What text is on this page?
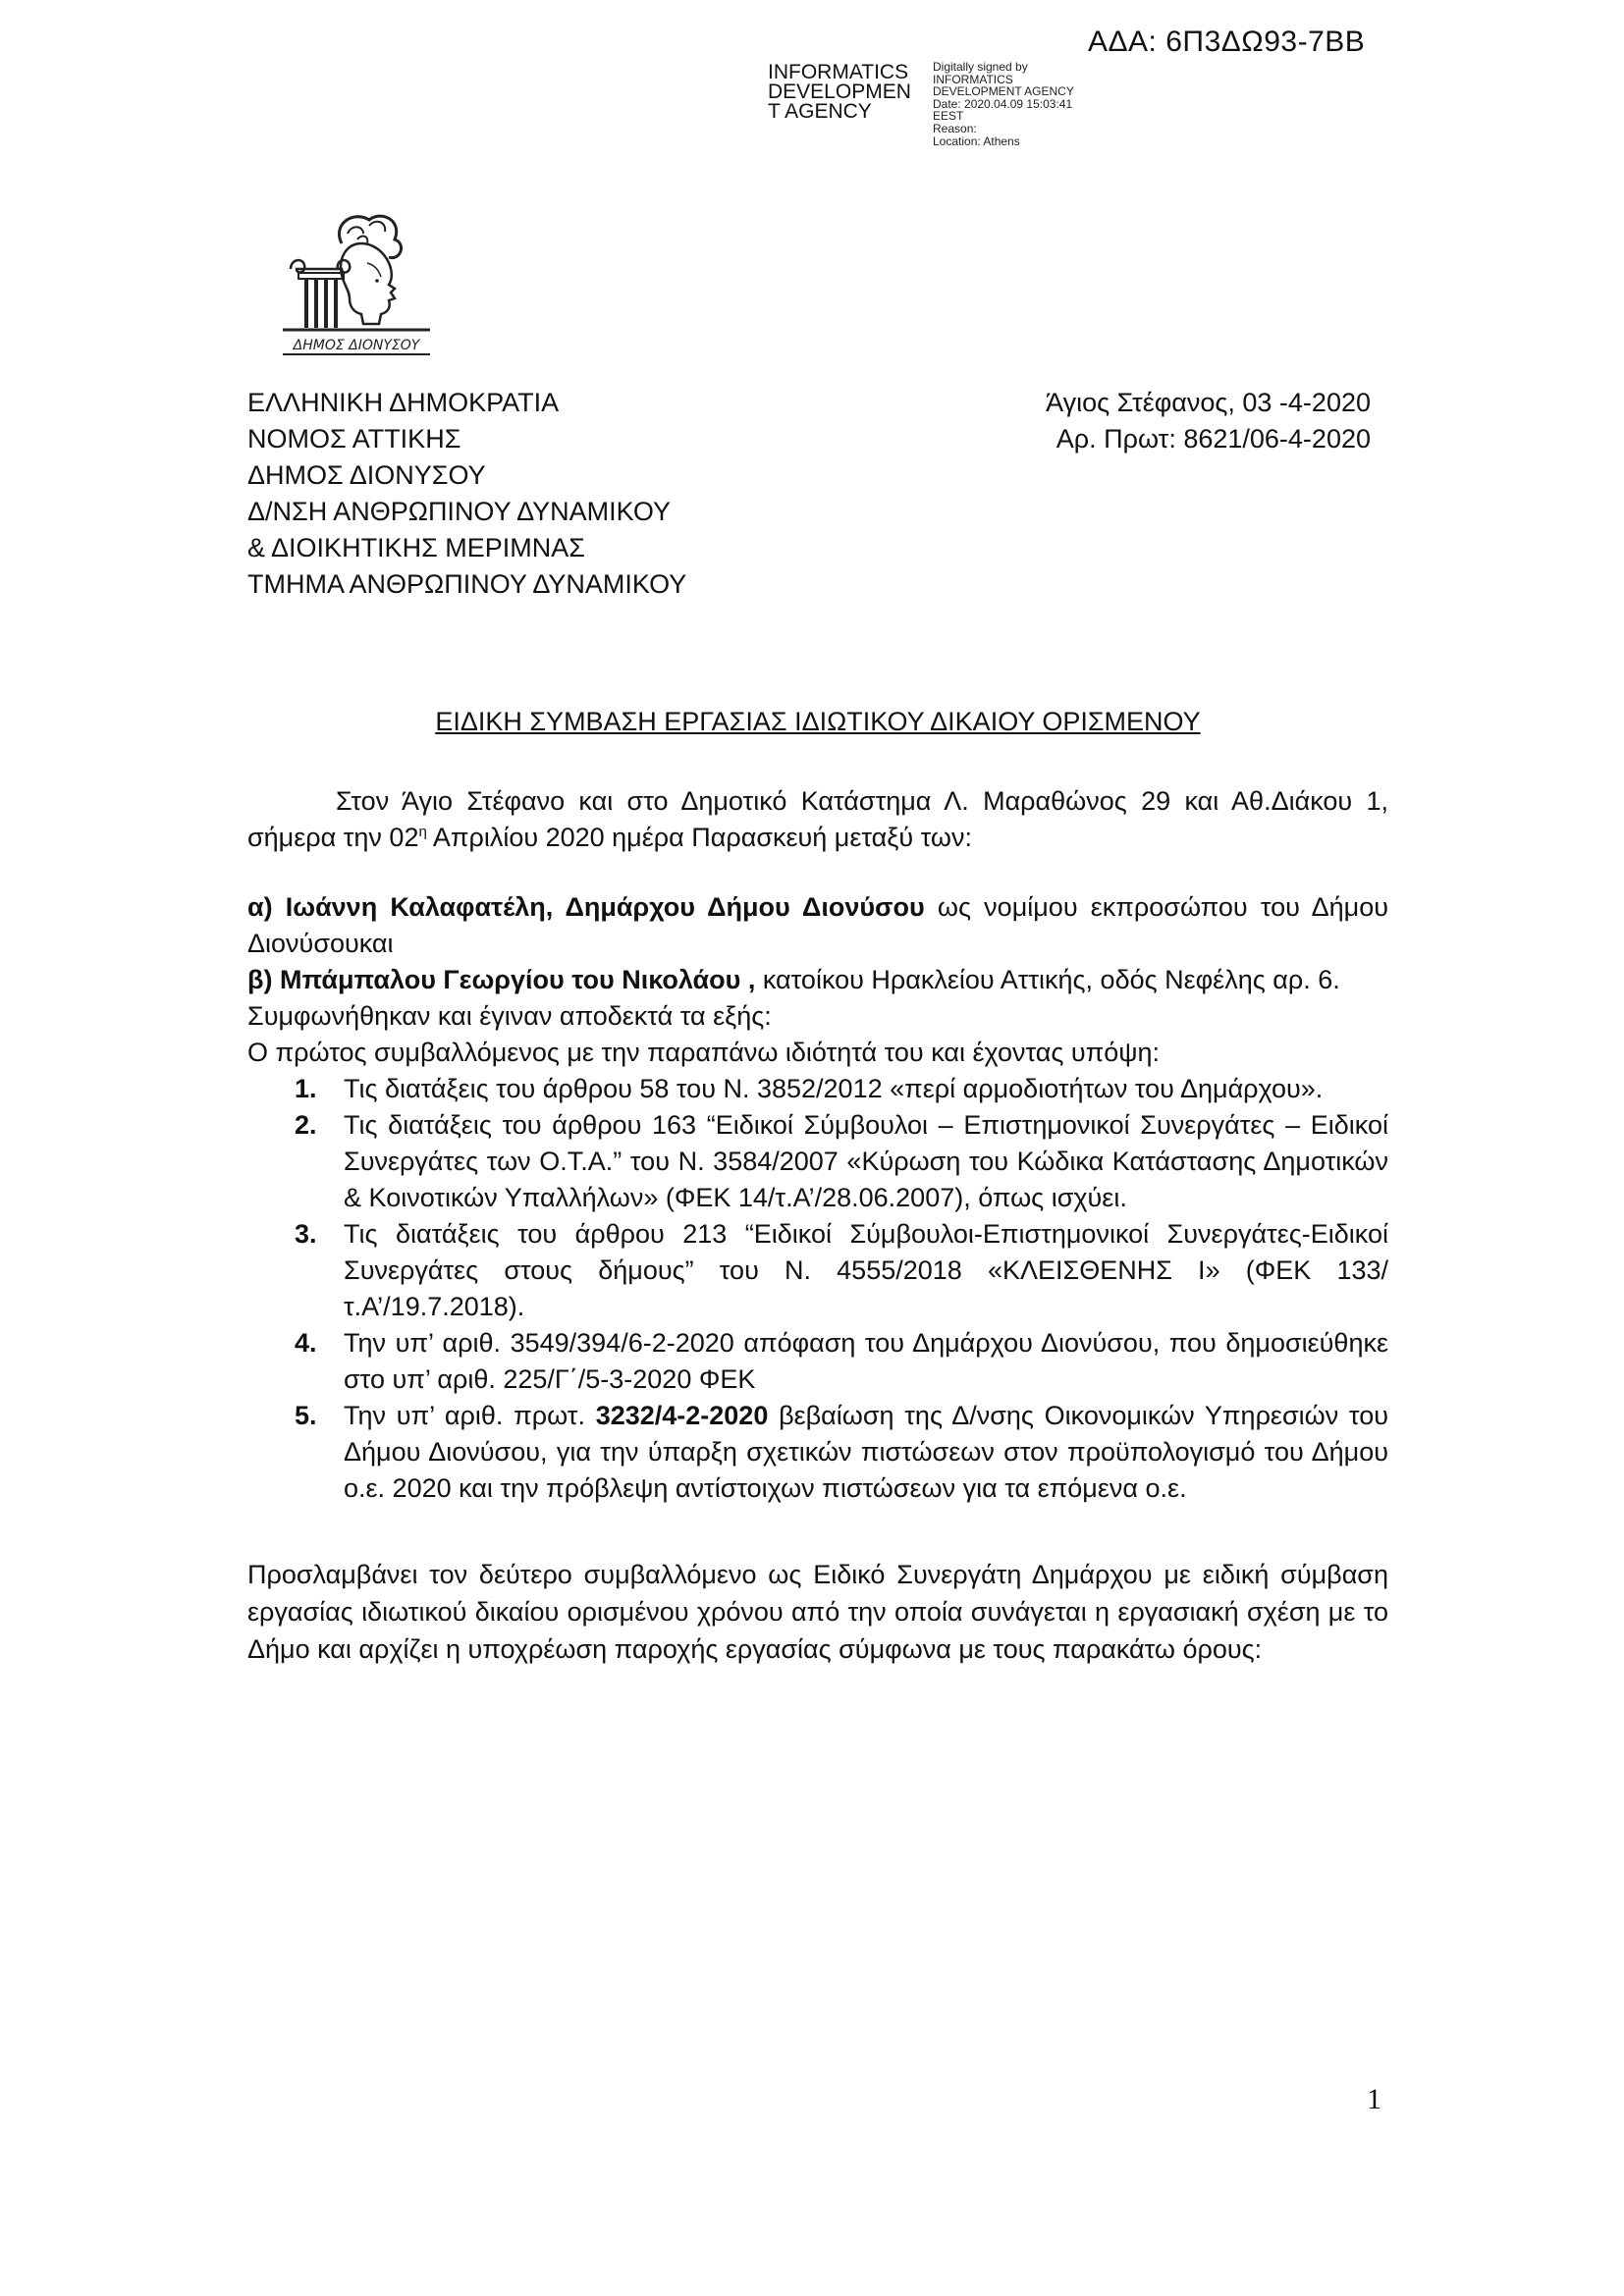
ΑΔΑ: 6Π3ΔΩ93-7ΒΒ
INFORMATICS
DEVELOPMEN
T AGENCY
Digitally signed by
INFORMATICS
DEVELOPMENT AGENCY
Date: 2020.04.09 15:03:41
EEST
Reason:
Location: Athens
ΔΗΜΟΣ ΔΙΟΝΥΣΟΥ
ΕΛΛΗΝΙΚΗ ΔΗΜΟΚΡΑΤΙΑ
ΝΟΜΟΣ ΑΤΤΙΚΗΣ
ΔΗΜΟΣ ΔΙΟΝΥΣΟΥ
Δ/ΝΣΗ ΑΝΘΡΩΠΙΝΟΥ ΔΥΝΑΜΙΚΟΥ
& ΔΙΟΙΚΗΤΙΚΗΣ ΜΕΡΙΜΝΑΣ
ΤΜΗΜΑ ΑΝΘΡΩΠΙΝΟΥ ΔΥΝΑΜΙΚΟΥ
Άγιος Στέφανος, 03 -4-2020
Αρ. Πρωτ: 8621/06-4-2020
ΕΙΔΙΚΗ ΣΥΜΒΑΣΗ ΕΡΓΑΣΙΑΣ ΙΔΙΩΤΙΚΟΥ ΔΙΚΑΙΟΥ ΟΡΙΣΜΕΝΟΥ

Στον Άγιο Στέφανο και στο Δημοτικό Κατάστημα Λ. Μαραθώνος 29 και Αθ.Διάκου 1, σήμερα την $02^\eta$ Απριλίου 2020 ημέρα Παρασκευή μεταξύ των:

α) Ιωάννη Καλαφατέλη, Δημάρχου Δήμου Διονύσου ως νομίμου εκπροσώπου του Δήμου Διονύσουκαι

β) Μπάμπαλου Γεωργίου του Νικολάου , κατοίκου Ηρακλείου Αττικής, οδός Νεφέλης αρ. 6.

Συμφωνήθηκαν και έγιναν αποδεκτά τα εξής:

Ο πρώτος συμβαλλόμενος με την παραπάνω ιδιότητά του και έχοντας υπόψη:

1. Τις διατάξεις του άρθρου 58 του Ν. 3852/2012 «περί αρμοδιοτήτων του Δημάρχου».
2. Τις διατάξεις του άρθρου 163 “Ειδικοί Σύμβουλοι – Επιστημονικοί Συνεργάτες – Ειδικοί Συνεργάτες των Ο.Τ.Α.” του Ν. 3584/2007 «Κύρωση του Κώδικα Κατάστασης Δημοτικών & Κοινοτικών Υπαλλήλων» (ΦΕΚ 14/τ.Α’/28.06.2007), όπως ισχύει.
3. Τις διατάξεις του άρθρου 213 “Ειδικοί Σύμβουλοι-Επιστημονικοί Συνεργάτες-Ειδικοί Συνεργάτες στους δήμους” του Ν. 4555/2018 «ΚΛΕΙΣΘΕΝΗΣ Ι» (ΦΕΚ 133/τ.Α’/19.7.2018).
4. Την υπ’ αριθ. 3549/394/6-2-2020 απόφαση του Δημάρχου Διονύσου, που δημοσιεύθηκε στο υπ’ αριθ. 225/Γ΄/5-3-2020 ΦΕΚ
5. Την υπ’ αριθ. πρωτ. 3232/4-2-2020 βεβαίωση της Δ/νσης Οικονομικών Υπηρεσιών του Δήμου Διονύσου, για την ύπαρξη σχετικών πιστώσεων στον προϋπολογισμό του Δήμου ο.ε. 2020 και την πρόβλεψη αντίστοιχων πιστώσεων για τα επόμενα ο.ε.

Προσλαμβάνει τον δεύτερο συμβαλλόμενο ως Ειδικό Συνεργάτη Δημάρχου με ειδική σύμβαση εργασίας ιδιωτικού δικαίου ορισμένου χρόνου από την οποία συνάγεται η εργασιακή σχέση με το Δήμο και αρχίζει η υποχρέωση παροχής εργασίας σύμφωνα με τους παρακάτω όρους:

1
